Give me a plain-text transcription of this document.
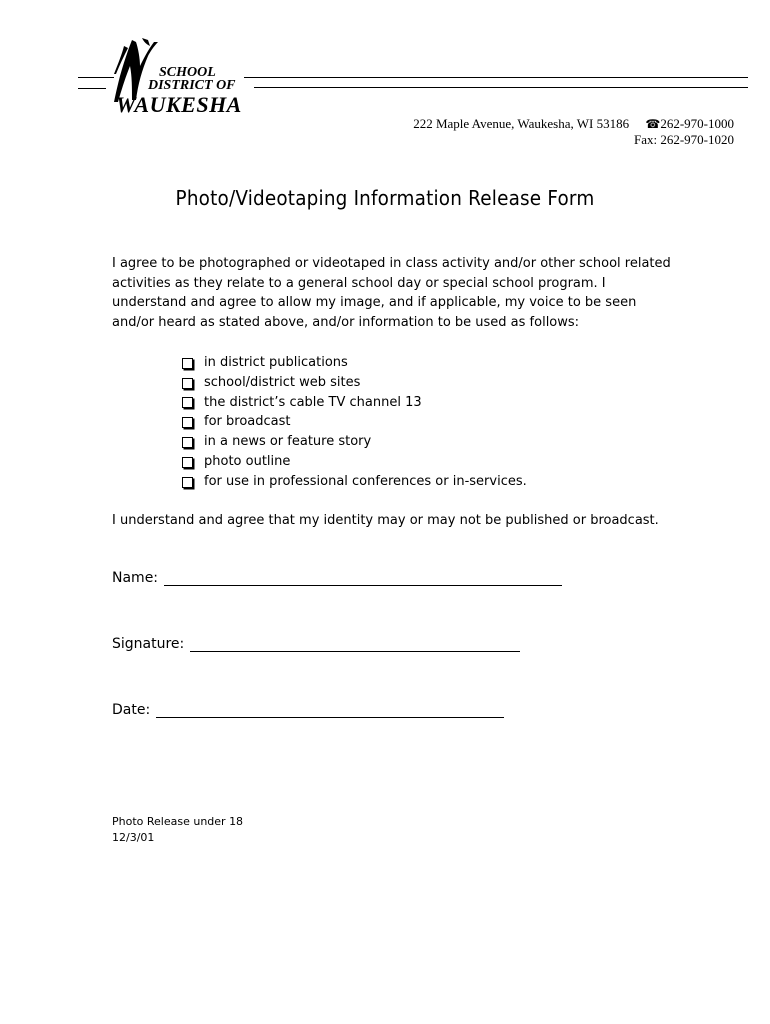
SCHOOL
DISTRICT OF
WAUKESHA
222 Maple Avenue, Waukesha, WI 53186 ☎262-970-1000
Fax: 262-970-1020
Photo/Videotaping Information Release Form
I agree to be photographed or videotaped in class activity and/or other school related activities as they relate to a general school day or special school program. I understand and agree to allow my image, and if applicable, my voice to be seen and/or heard as stated above, and/or information to be used as follows:
in district publications
school/district web sites
the district’s cable TV channel 13
for broadcast
in a news or feature story
photo outline
for use in professional conferences or in-services.
I understand and agree that my identity may or may not be published or broadcast.
Name:
Signature:
Date:
Photo Release under 18
12/3/01
